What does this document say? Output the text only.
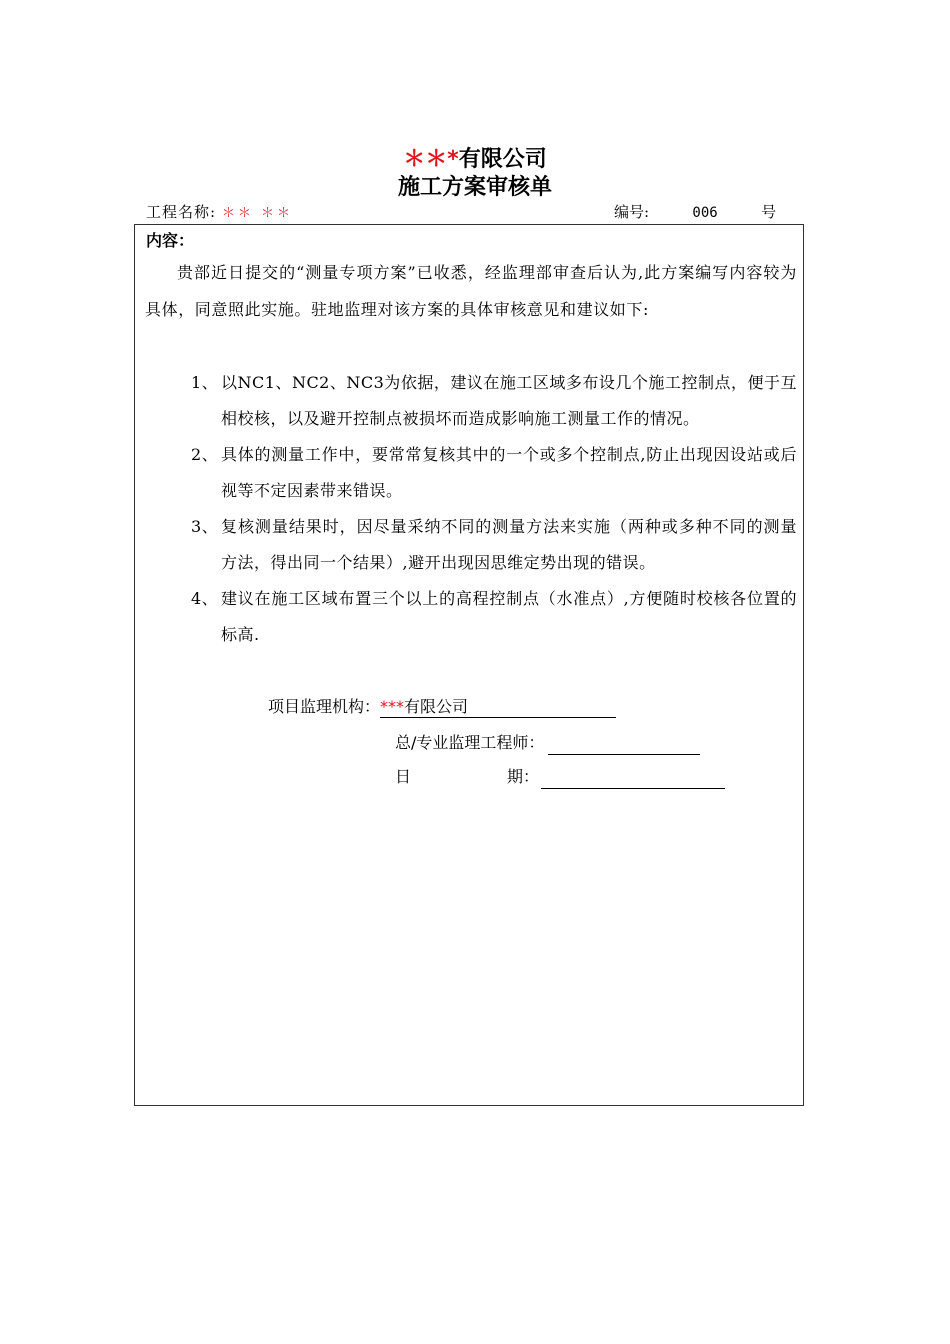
＊＊*有限公司
施工方案审核单
工程名称: ＊＊ ＊＊	编号:	006	号
内容：
贵部近日提交的“测量专项方案”已收悉，经监理部审查后认为,此方案编写内容较为具体，同意照此实施。驻地监理对该方案的具体审核意见和建议如下:
1、 以NC1、NC2、NC3为依据，建议在施工区域多布设几个施工控制点，便于互相校核，以及避开控制点被损坏而造成影响施工测量工作的情况。
2、 具体的测量工作中，要常常复核其中的一个或多个控制点,防止出现因设站或后视等不定因素带来错误。
3、 复核测量结果时，因尽量采纳不同的测量方法来实施（两种或多种不同的测量方法，得出同一个结果）,避开出现因思维定势出现的错误。
4、 建议在施工区域布置三个以上的高程控制点（水准点）,方便随时校核各位置的标高.
项目监理机构：***有限公司
总/专业监理工程师：
日	期：
